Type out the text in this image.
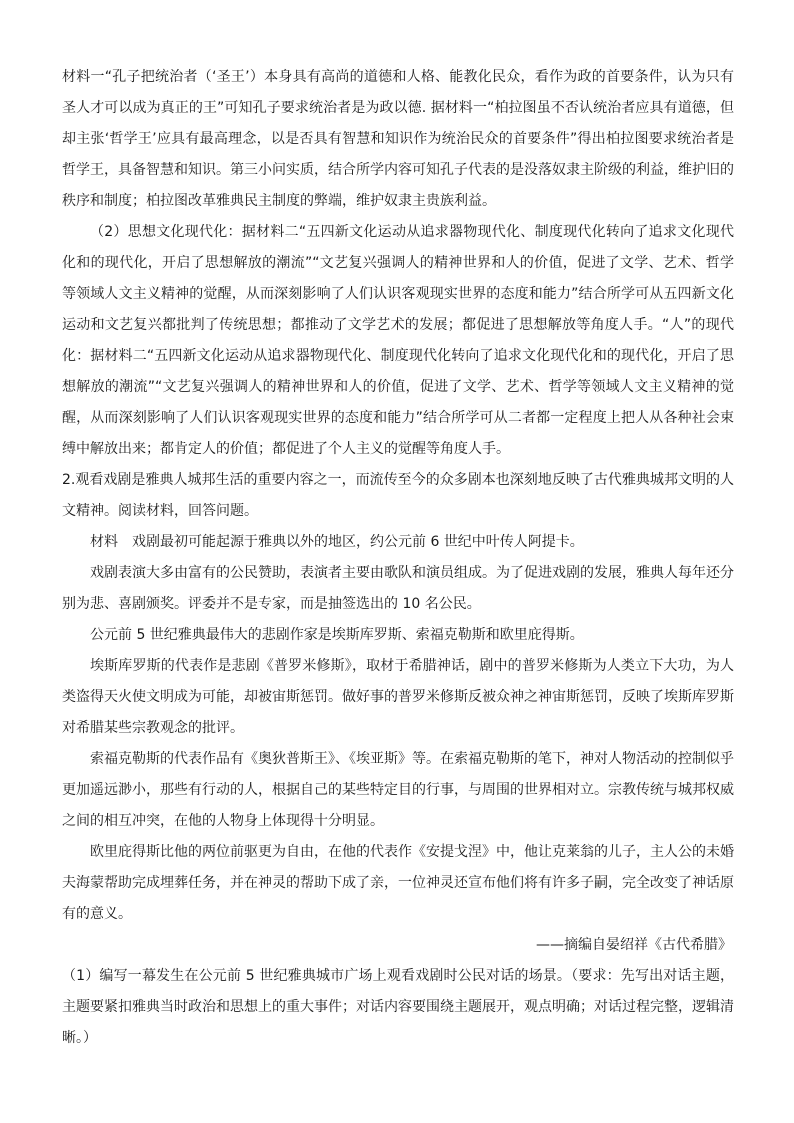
材料一“孔子把统治者（‘圣王’）本身具有高尚的道德和人格、能教化民众，看作为政的首要条件，认为只有圣人才可以成为真正的王”可知孔子要求统治者是为政以德. 据材料一“柏拉图虽不否认统治者应具有道德，但却主张‘哲学王’应具有最高理念，以是否具有智慧和知识作为统治民众的首要条件”得出柏拉图要求统治者是哲学王，具备智慧和知识。第三小问实质，结合所学内容可知孔子代表的是没落奴隶主阶级的利益，维护旧的秩序和制度；柏拉图改革雅典民主制度的弊端，维护奴隶主贵族利益。

（2）思想文化现代化：据材料二“五四新文化运动从追求器物现代化、制度现代化转向了追求文化现代化和的现代化，开启了思想解放的潮流”“文艺复兴强调人的精神世界和人的价值，促进了文学、艺术、哲学等领域人文主义精神的觉醒，从而深刻影响了人们认识客观现实世界的态度和能力”结合所学可从五四新文化运动和文艺复兴都批判了传统思想；都推动了文学艺术的发展；都促进了思想解放等角度人手。“人”的现代化：据材料二“五四新文化运动从追求器物现代化、制度现代化转向了追求文化现代化和的现代化，开启了思想解放的潮流”“文艺复兴强调人的精神世界和人的价值，促进了文学、艺术、哲学等领域人文主义精神的觉醒，从而深刻影响了人们认识客观现实世界的态度和能力”结合所学可从二者都一定程度上把人从各种社会束缚中解放出来；都肯定人的价值；都促进了个人主义的觉醒等角度人手。

2.观看戏剧是雅典人城邦生活的重要内容之一，而流传至今的众多剧本也深刻地反映了古代雅典城邦文明的人文精神。阅读材料，回答问题。

材料　戏剧最初可能起源于雅典以外的地区，约公元前 6 世纪中叶传人阿提卡。

戏剧表演大多由富有的公民赞助，表演者主要由歌队和演员组成。为了促进戏剧的发展，雅典人每年还分别为悲、喜剧颁奖。评委并不是专家，而是抽签选出的 10 名公民。

公元前 5 世纪雅典最伟大的悲剧作家是埃斯库罗斯、索福克勒斯和欧里庇得斯。

埃斯库罗斯的代表作是悲剧《普罗米修斯》，取材于希腊神话，剧中的普罗米修斯为人类立下大功，为人类盗得天火使文明成为可能，却被宙斯惩罚。做好事的普罗米修斯反被众神之神宙斯惩罚，反映了埃斯库罗斯对希腊某些宗教观念的批评。

索福克勒斯的代表作品有《奥狄普斯王》、《埃亚斯》等。在索福克勒斯的笔下，神对人物活动的控制似乎更加遥远渺小，那些有行动的人，根据自己的某些特定目的行事，与周围的世界相对立。宗教传统与城邦权威之间的相互冲突，在他的人物身上体现得十分明显。

欧里庇得斯比他的两位前驱更为自由，在他的代表作《安提戈涅》中，他让克莱翁的儿子，主人公的未婚夫海蒙帮助完成埋葬任务，并在神灵的帮助下成了亲，一位神灵还宣布他们将有许多子嗣，完全改变了神话原有的意义。

——摘编自晏绍祥《古代希腊》

（1）编写一幕发生在公元前 5 世纪雅典城市广场上观看戏剧时公民对话的场景。（要求：先写出对话主题，主题要紧扣雅典当时政治和思想上的重大事件；对话内容要围绕主题展开，观点明确；对话过程完整，逻辑清晰。）
